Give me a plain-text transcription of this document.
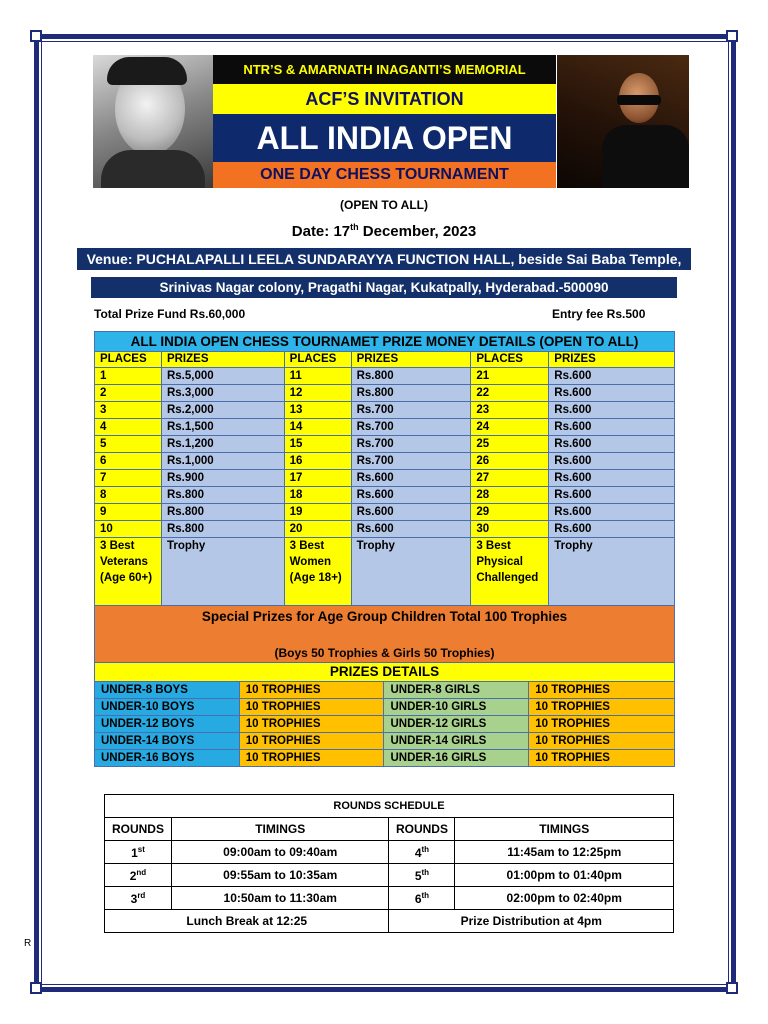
NTR’S & AMARNATH INAGANTI’S MEMORIAL
ACF’S INVITATION
ALL INDIA OPEN
ONE DAY CHESS TOURNAMENT
(OPEN TO ALL)
Date: 17th December, 2023
Venue: PUCHALAPALLI LEELA SUNDARAYYA FUNCTION HALL, beside Sai Baba Temple,
Srinivas Nagar colony, Pragathi Nagar, Kukatpally, Hyderabad.-500090
Total Prize Fund Rs.60,000	Entry fee Rs.500
ALL INDIA OPEN CHESS TOURNAMET PRIZE MONEY DETAILS (OPEN TO ALL)					
PLACES	PRIZES	PLACES	PRIZES	PLACES	PRIZES
1	Rs.5,000	11	Rs.800	21	Rs.600
2	Rs.3,000	12	Rs.800	22	Rs.600
3	Rs.2,000	13	Rs.700	23	Rs.600
4	Rs.1,500	14	Rs.700	24	Rs.600
5	Rs.1,200	15	Rs.700	25	Rs.600
6	Rs.1,000	16	Rs.700	26	Rs.600
7	Rs.900	17	Rs.600	27	Rs.600
8	Rs.800	18	Rs.600	28	Rs.600
9	Rs.800	19	Rs.600	29	Rs.600
10	Rs.800	20	Rs.600	30	Rs.600
3 Best Veterans (Age 60+)	Trophy	3 Best Women (Age 18+)	Trophy	3 Best Physical Challenged	Trophy
Special Prizes for Age Group Children Total 100 Trophies
(Boys 50 Trophies & Girls 50 Trophies)					

PRIZES DETAILS					
UNDER-8 BOYS	10 TROPHIES	UNDER-8 GIRLS	10 TROPHIES
UNDER-10 BOYS	10 TROPHIES	UNDER-10 GIRLS	10 TROPHIES
UNDER-12 BOYS	10 TROPHIES	UNDER-12 GIRLS	10 TROPHIES
UNDER-14 BOYS	10 TROPHIES	UNDER-14 GIRLS	10 TROPHIES
UNDER-16 BOYS	10 TROPHIES	UNDER-16 GIRLS	10 TROPHIES
ROUNDS SCHEDULE			
ROUNDS	TIMINGS	ROUNDS	TIMINGS
1st	09:00am to 09:40am	4th	11:45am to 12:25pm
2nd	09:55am to 10:35am	5th	01:00pm to 01:40pm
3rd	10:50am to 11:30am	6th	02:00pm to 02:40pm
Lunch Break at 12:25		Prize Distribution at 4pm	
R
